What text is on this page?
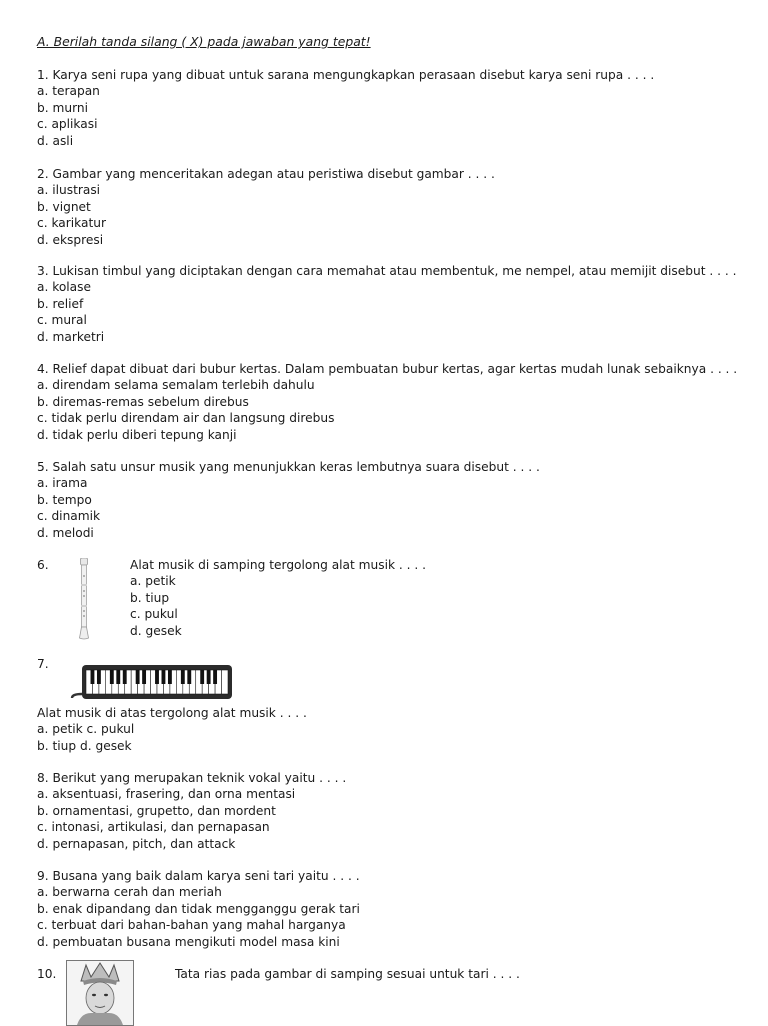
A. Berilah tanda silang ( X) pada jawaban yang tepat!
1. Karya seni rupa yang dibuat untuk sarana mengungkapkan perasaan disebut karya seni rupa . . . .
a. terapan
b. murni
c. aplikasi
d. asli
2. Gambar yang menceritakan adegan atau peristiwa disebut gambar . . . .
a. ilustrasi
b. vignet
c. karikatur
d. ekspresi
3. Lukisan timbul yang diciptakan dengan cara memahat atau membentuk, me nempel, atau memijit disebut . . . .
a. kolase
b. relief
c. mural
d. marketri
4. Relief dapat dibuat dari bubur kertas. Dalam pembuatan bubur kertas, agar kertas mudah lunak sebaiknya . . . .
a. direndam selama semalam terlebih dahulu
b. diremas-remas sebelum direbus
c. tidak perlu direndam air dan langsung direbus
d. tidak perlu diberi tepung kanji
5. Salah satu unsur musik yang menunjukkan keras lembutnya suara disebut . . . .
a. irama
b. tempo
c. dinamik
d. melodi
6.	Alat musik di samping tergolong alat musik . . . .
a. petik
b. tiup
c. pukul
d. gesek
7.
Alat musik di atas tergolong alat musik . . . .
a. petik c. pukul
b. tiup d. gesek
8. Berikut yang merupakan teknik vokal yaitu . . . .
a. aksentuasi, frasering, dan orna mentasi
b. ornamentasi, grupetto, dan mordent
c. intonasi, artikulasi, dan pernapasan
d. pernapasan, pitch, dan attack
9. Busana yang baik dalam karya seni tari yaitu . . . .
a. berwarna cerah dan meriah
b. enak dipandang dan tidak mengganggu gerak tari
c. terbuat dari bahan-bahan yang mahal harganya
d. pembuatan busana mengikuti model masa kini
10.	Tata rias pada gambar di samping sesuai untuk tari . . . .
